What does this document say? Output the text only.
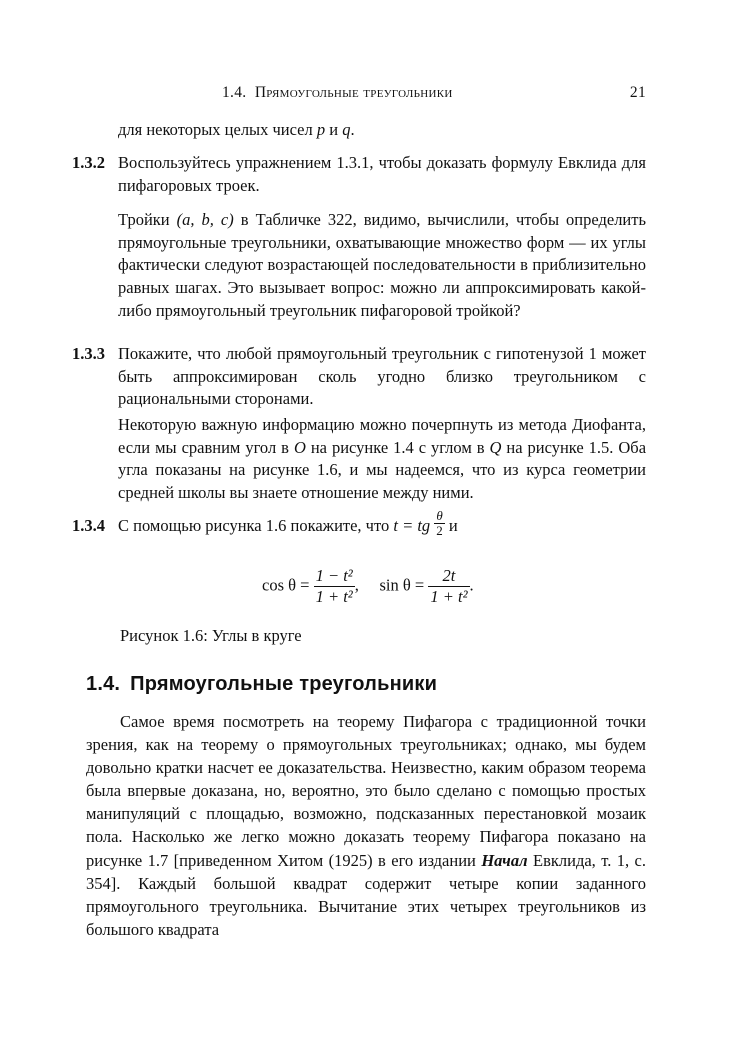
1.4. Прямоугольные треугольники	21
для некоторых целых чисел p и q.
1.3.2 Воспользуйтесь упражнением 1.3.1, чтобы доказать формулу Евклида для пифагоровых троек.
Тройки (a, b, c) в Табличке 322, видимо, вычислили, чтобы определить прямоугольные треугольники, охватывающие множество форм — их углы фактически следуют возрастающей последовательности в приблизительно равных шагах. Это вызывает вопрос: можно ли аппроксимировать какой-либо прямоугольный треугольник пифагоровой тройкой?
1.3.3 Покажите, что любой прямоугольный треугольник с гипотенузой 1 может быть аппроксимирован сколь угодно близко треугольником с рациональными сторонами.
Некоторую важную информацию можно почерпнуть из метода Диофанта, если мы сравним угол в O на рисунке 1.4 с углом в Q на рисунке 1.5. Оба угла показаны на рисунке 1.6, и мы надеемся, что из курса геометрии средней школы вы знаете отношение между ними.
1.3.4 С помощью рисунка 1.6 покажите, что t = tg $\frac{\theta}{2}$ и
$\cos \theta = \frac{\text{1 − t²}}{\text{1 + t²}}$ , $\sin \theta = \frac{2t}{\text{1 + t²}}$ .
Рисунок 1.6: Углы в круге
1.4. Прямоугольные треугольники
Самое время посмотреть на теорему Пифагора с традиционной точки зрения, как на теорему о прямоугольных треугольниках; однако, мы будем довольно кратки насчет ее доказательства. Неизвестно, каким образом теорема была впервые доказана, но, вероятно, это было сделано с помощью простых манипуляций с площадью, возможно, подсказанных перестановкой мозаик пола. Насколько же легко можно доказать теорему Пифагора показано на рисунке 1.7 [приведенном Хитом (1925) в его издании Начал Евклида, т. 1, с. 354]. Каждый большой квадрат содержит четыре копии заданного прямоугольного треугольника. Вычитание этих четырех треугольников из большого квадрата
